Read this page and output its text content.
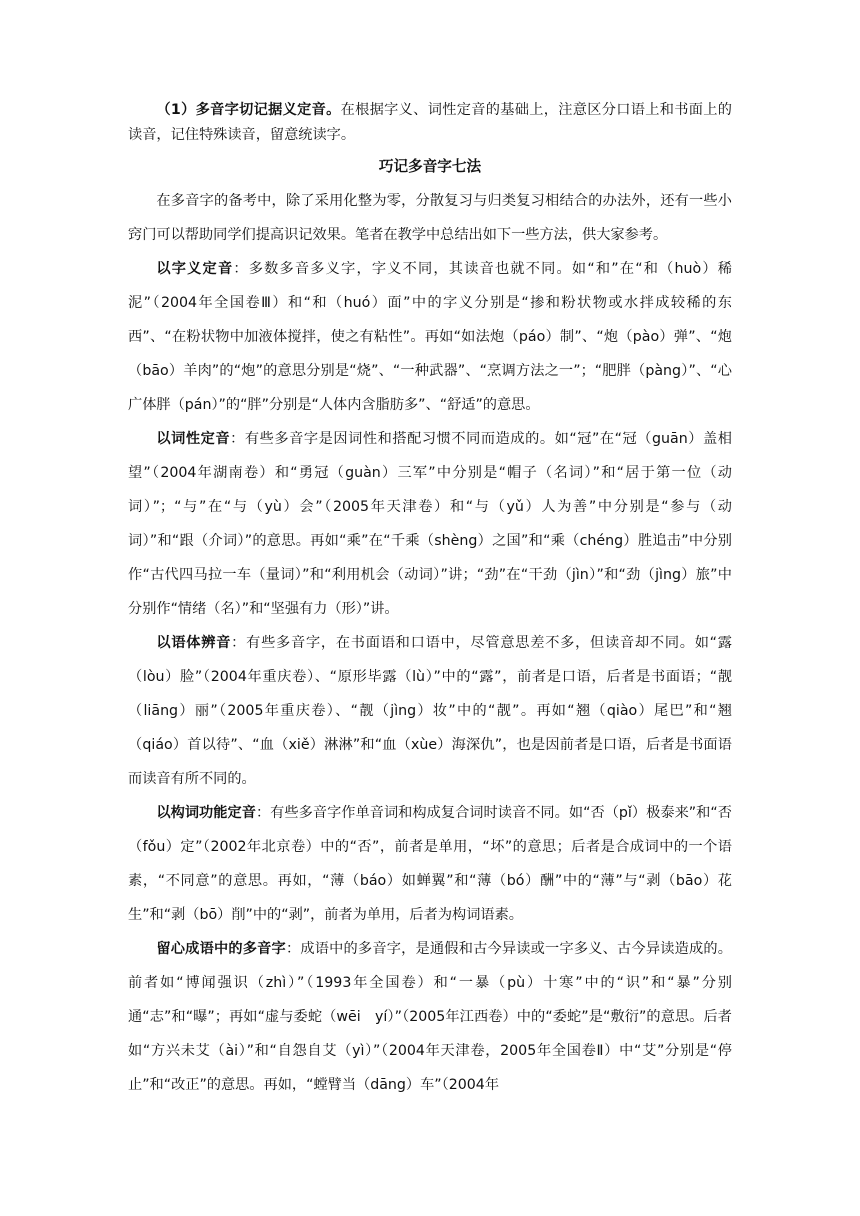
（1）多音字切记据义定音。在根据字义、词性定音的基础上，注意区分口语上和书面上的读音，记住特殊读音，留意统读字。

巧记多音字七法

在多音字的备考中，除了采用化整为零，分散复习与归类复习相结合的办法外，还有一些小窍门可以帮助同学们提高识记效果。笔者在教学中总结出如下一些方法，供大家参考。

以字义定音：多数多音多义字，字义不同，其读音也就不同。如“和”在“和（huò）稀泥”（2004年全国卷Ⅲ）和“和（huó）面”中的字义分别是“掺和粉状物或水拌成较稀的东西”、“在粉状物中加液体搅拌，使之有粘性”。再如“如法炮（páo）制”、“炮（pào）弹”、“炮（bāo）羊肉”的“炮”的意思分别是“烧”、“一种武器”、“烹调方法之一”；“肥胖（pàng）”、“心广体胖（pán）”的“胖”分别是“人体内含脂肪多”、“舒适”的意思。

以词性定音：有些多音字是因词性和搭配习惯不同而造成的。如“冠”在“冠（guān）盖相望”（2004年湖南卷）和“勇冠（guàn）三军”中分别是“帽子（名词）”和“居于第一位（动词）”；“与”在“与（yù）会”（2005年天津卷）和“与（yǔ）人为善”中分别是“参与（动词）”和“跟（介词）”的意思。再如“乘”在“千乘（shèng）之国”和“乘（chéng）胜追击”中分别作“古代四马拉一车（量词）”和“利用机会（动词）”讲；“劲”在“干劲（jìn）”和“劲（jìng）旅”中分别作“情绪（名）”和“坚强有力（形）”讲。

以语体辨音：有些多音字，在书面语和口语中，尽管意思差不多，但读音却不同。如“露（lòu）脸”（2004年重庆卷）、“原形毕露（lù）”中的“露”，前者是口语，后者是书面语；“靓（liāng）丽”（2005年重庆卷）、“靓（jìng）妆”中的“靓”。再如“翘（qiào）尾巴”和“翘（qiáo）首以待”、“血（xiě）淋淋”和“血（xùe）海深仇”，也是因前者是口语，后者是书面语而读音有所不同的。

以构词功能定音：有些多音字作单音词和构成复合词时读音不同。如“否（pǐ）极泰来”和“否（fǒu）定”（2002年北京卷）中的“否”，前者是单用，“坏”的意思；后者是合成词中的一个语素，“不同意”的意思。再如，“薄（báo）如蝉翼”和“薄（bó）酬”中的“薄”与“剥（bāo）花生”和“剥（bō）削”中的“剥”，前者为单用，后者为构词语素。

留心成语中的多音字：成语中的多音字，是通假和古今异读或一字多义、古今异读造成的。前者如“博闻强识（zhì）”（1993年全国卷）和“一暴（pù）十寒”中的“识”和“暴”分别通“志”和“曝”；再如“虚与委蛇（wēi　yí）”（2005年江西卷）中的“委蛇”是“敷衍”的意思。后者如“方兴未艾（ài）”和“自怨自艾（yì）”（2004年天津卷，2005年全国卷Ⅱ）中“艾”分别是“停止”和“改正”的意思。再如，“螳臂当（dāng）车”（2004年
